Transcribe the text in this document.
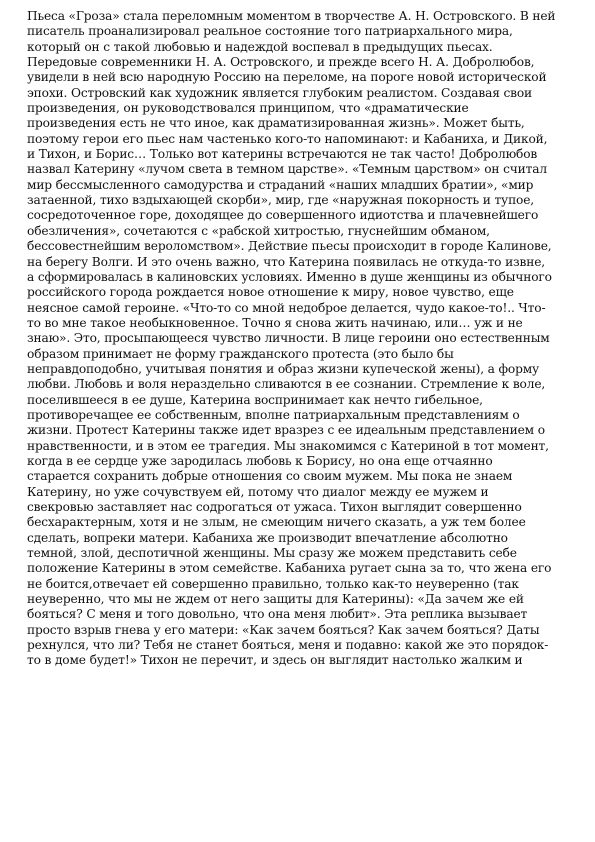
Пьеса «Гроза» стала переломным моментом в творчестве А. Н. Островского. В ней
писатель проанализировал реальное состояние того патриархального мира,
который он с такой любовью и надеждой воспевал в предыдущих пьесах.
Передовые современники Н. А. Островского, и прежде всего Н. А. Добролюбов,
увидели в ней всю народную Россию на переломе, на пороге новой исторической
эпохи. Островский как художник является глубоким реалистом. Создавая свои
произведения, он руководствовался принципом, что «драматические
произведения есть не что иное, как драматизированная жизнь». Может быть,
поэтому герои его пьес нам частенько кого-то напоминают: и Кабаниха, и Дикой,
и Тихон, и Борис… Только вот катерины встречаются не так часто! Добролюбов
назвал Катерину «лучом света в темном царстве». «Темным царством» он считал
мир бессмысленного самодурства и страданий «наших младших братии», «мир
затаенной, тихо вздыхающей скорби», мир, где «наружная покорность и тупое,
сосредоточенное горе, доходящее до совершенного идиотства и плачевнейшего
обезличения», сочетаются с «рабской хитростью, гнуснейшим обманом,
бессовестнейшим вероломством». Действие пьесы происходит в городе Калинове,
на берегу Волги. И это очень важно, что Катерина появилась не откуда-то извне,
а сформировалась в калиновских условиях. Именно в душе женщины из обычного
российского города рождается новое отношение к миру, новое чувство, еще
неясное самой героине. «Что-то со мной недоброе делается, чудо какое-то!.. Что-
то во мне такое необыкновенное. Точно я снова жить начинаю, или… уж и не
знаю». Это, просыпающееся чувство личности. В лице героини оно естественным
образом принимает не форму гражданского протеста (это было бы
неправдоподобно, учитывая понятия и образ жизни купеческой жены), а форму
любви. Любовь и воля нераздельно сливаются в ее сознании. Стремление к воле,
поселившееся в ее душе, Катерина воспринимает как нечто гибельное,
противоречащее ее собственным, вполне патриархальным представлениям о
жизни. Протест Катерины также идет вразрез с ее идеальным представлением о
нравственности, и в этом ее трагедия. Мы знакомимся с Катериной в тот момент,
когда в ее сердце уже зародилась любовь к Борису, но она еще отчаянно
старается сохранить добрые отношения со своим мужем. Мы пока не знаем
Катерину, но уже сочувствуем ей, потому что диалог между ее мужем и
свекровью заставляет нас содрогаться от ужаса. Тихон выглядит совершенно
бесхарактерным, хотя и не злым, не смеющим ничего сказать, а уж тем более
сделать, вопреки матери. Кабаниха же производит впечатление абсолютно
темной, злой, деспотичной женщины. Мы сразу же можем представить себе
положение Катерины в этом семействе. Кабаниха ругает сына за то, что жена его
не боится,отвечает ей совершенно правильно, только как-то неуверенно (так
неуверенно, что мы не ждем от него защиты для Катерины): «Да зачем же ей
бояться? С меня и того довольно, что она меня любит». Эта реплика вызывает
просто взрыв гнева у его матери: «Как зачем бояться? Как зачем бояться? Даты
рехнулся, что ли? Тебя не станет бояться, меня и подавно: какой же это порядок-
то в доме будет!» Тихон не перечит, и здесь он выглядит настолько жалким и
